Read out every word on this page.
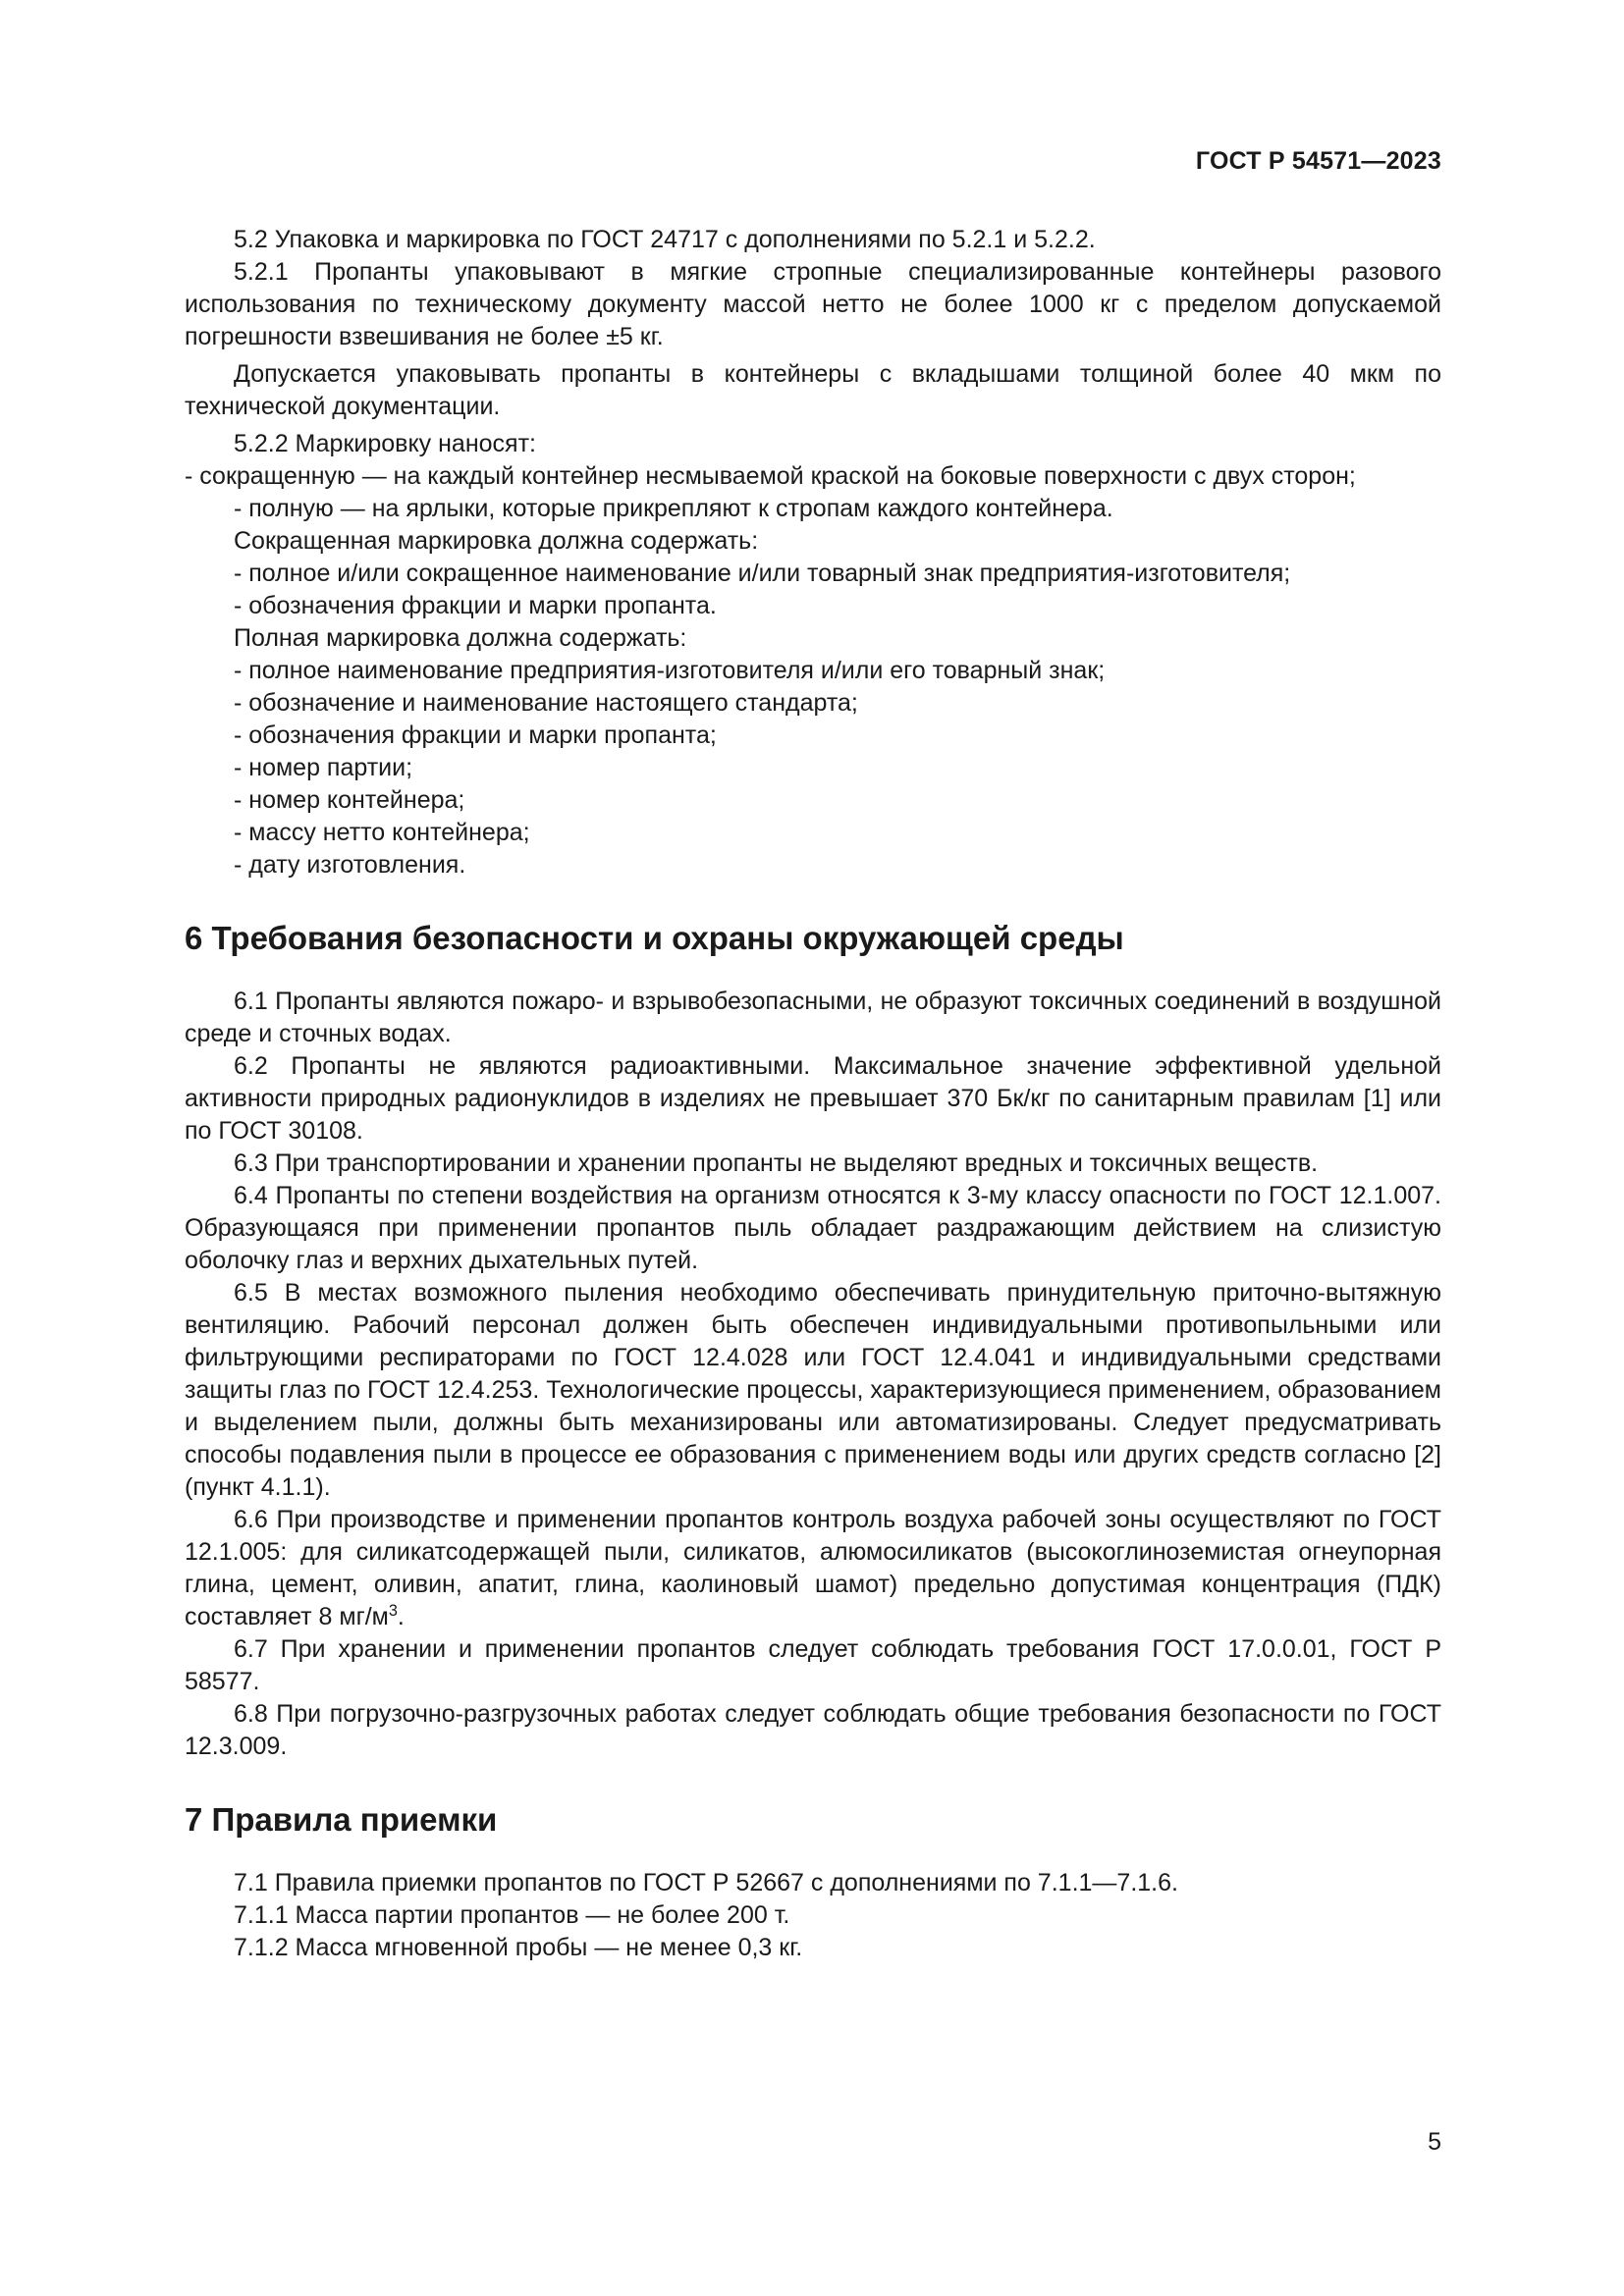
ГОСТ Р 54571—2023

5.2 Упаковка и маркировка по ГОСТ 24717 с дополнениями по 5.2.1 и 5.2.2.

5.2.1 Пропанты упаковывают в мягкие стропные специализированные контейнеры разового использования по техническому документу массой нетто не более 1000 кг с пределом допускаемой погрешности взвешивания не более ±5 кг.

Допускается упаковывать пропанты в контейнеры с вкладышами толщиной более 40 мкм по технической документации.

5.2.2 Маркировку наносят:

- сокращенную — на каждый контейнер несмываемой краской на боковые поверхности с двух сторон;

- полную — на ярлыки, которые прикрепляют к стропам каждого контейнера.

Сокращенная маркировка должна содержать:

- полное и/или сокращенное наименование и/или товарный знак предприятия-изготовителя;

- обозначения фракции и марки пропанта.

Полная маркировка должна содержать:

- полное наименование предприятия-изготовителя и/или его товарный знак;

- обозначение и наименование настоящего стандарта;

- обозначения фракции и марки пропанта;

- номер партии;

- номер контейнера;

- массу нетто контейнера;

- дату изготовления.

6 Требования безопасности и охраны окружающей среды

6.1 Пропанты являются пожаро- и взрывобезопасными, не образуют токсичных соединений в воздушной среде и сточных водах.

6.2 Пропанты не являются радиоактивными. Максимальное значение эффективной удельной активности природных радионуклидов в изделиях не превышает 370 Бк/кг по санитарным правилам [1] или по ГОСТ 30108.

6.3 При транспортировании и хранении пропанты не выделяют вредных и токсичных веществ.

6.4 Пропанты по степени воздействия на организм относятся к 3-му классу опасности по ГОСТ 12.1.007. Образующаяся при применении пропантов пыль обладает раздражающим действием на слизистую оболочку глаз и верхних дыхательных путей.

6.5 В местах возможного пыления необходимо обеспечивать принудительную приточно-вытяжную вентиляцию. Рабочий персонал должен быть обеспечен индивидуальными противопыльными или фильтрующими респираторами по ГОСТ 12.4.028 или ГОСТ 12.4.041 и индивидуальными средствами защиты глаз по ГОСТ 12.4.253. Технологические процессы, характеризующиеся применением, образованием и выделением пыли, должны быть механизированы или автоматизированы. Следует предусматривать способы подавления пыли в процессе ее образования с применением воды или других средств согласно [2] (пункт 4.1.1).

6.6 При производстве и применении пропантов контроль воздуха рабочей зоны осуществляют по ГОСТ 12.1.005: для силикатсодержащей пыли, силикатов, алюмосиликатов (высокоглиноземистая огнеупорная глина, цемент, оливин, апатит, глина, каолиновый шамот) предельно допустимая концентрация (ПДК) составляет 8 $мг/м^3$.

6.7 При хранении и применении пропантов следует соблюдать требования ГОСТ 17.0.0.01, ГОСТ Р 58577.

6.8 При погрузочно-разгрузочных работах следует соблюдать общие требования безопасности по ГОСТ 12.3.009.

7 Правила приемки

7.1 Правила приемки пропантов по ГОСТ Р 52667 с дополнениями по 7.1.1—7.1.6.

7.1.1 Масса партии пропантов — не более 200 т.

7.1.2 Масса мгновенной пробы — не менее 0,3 кг.

5
